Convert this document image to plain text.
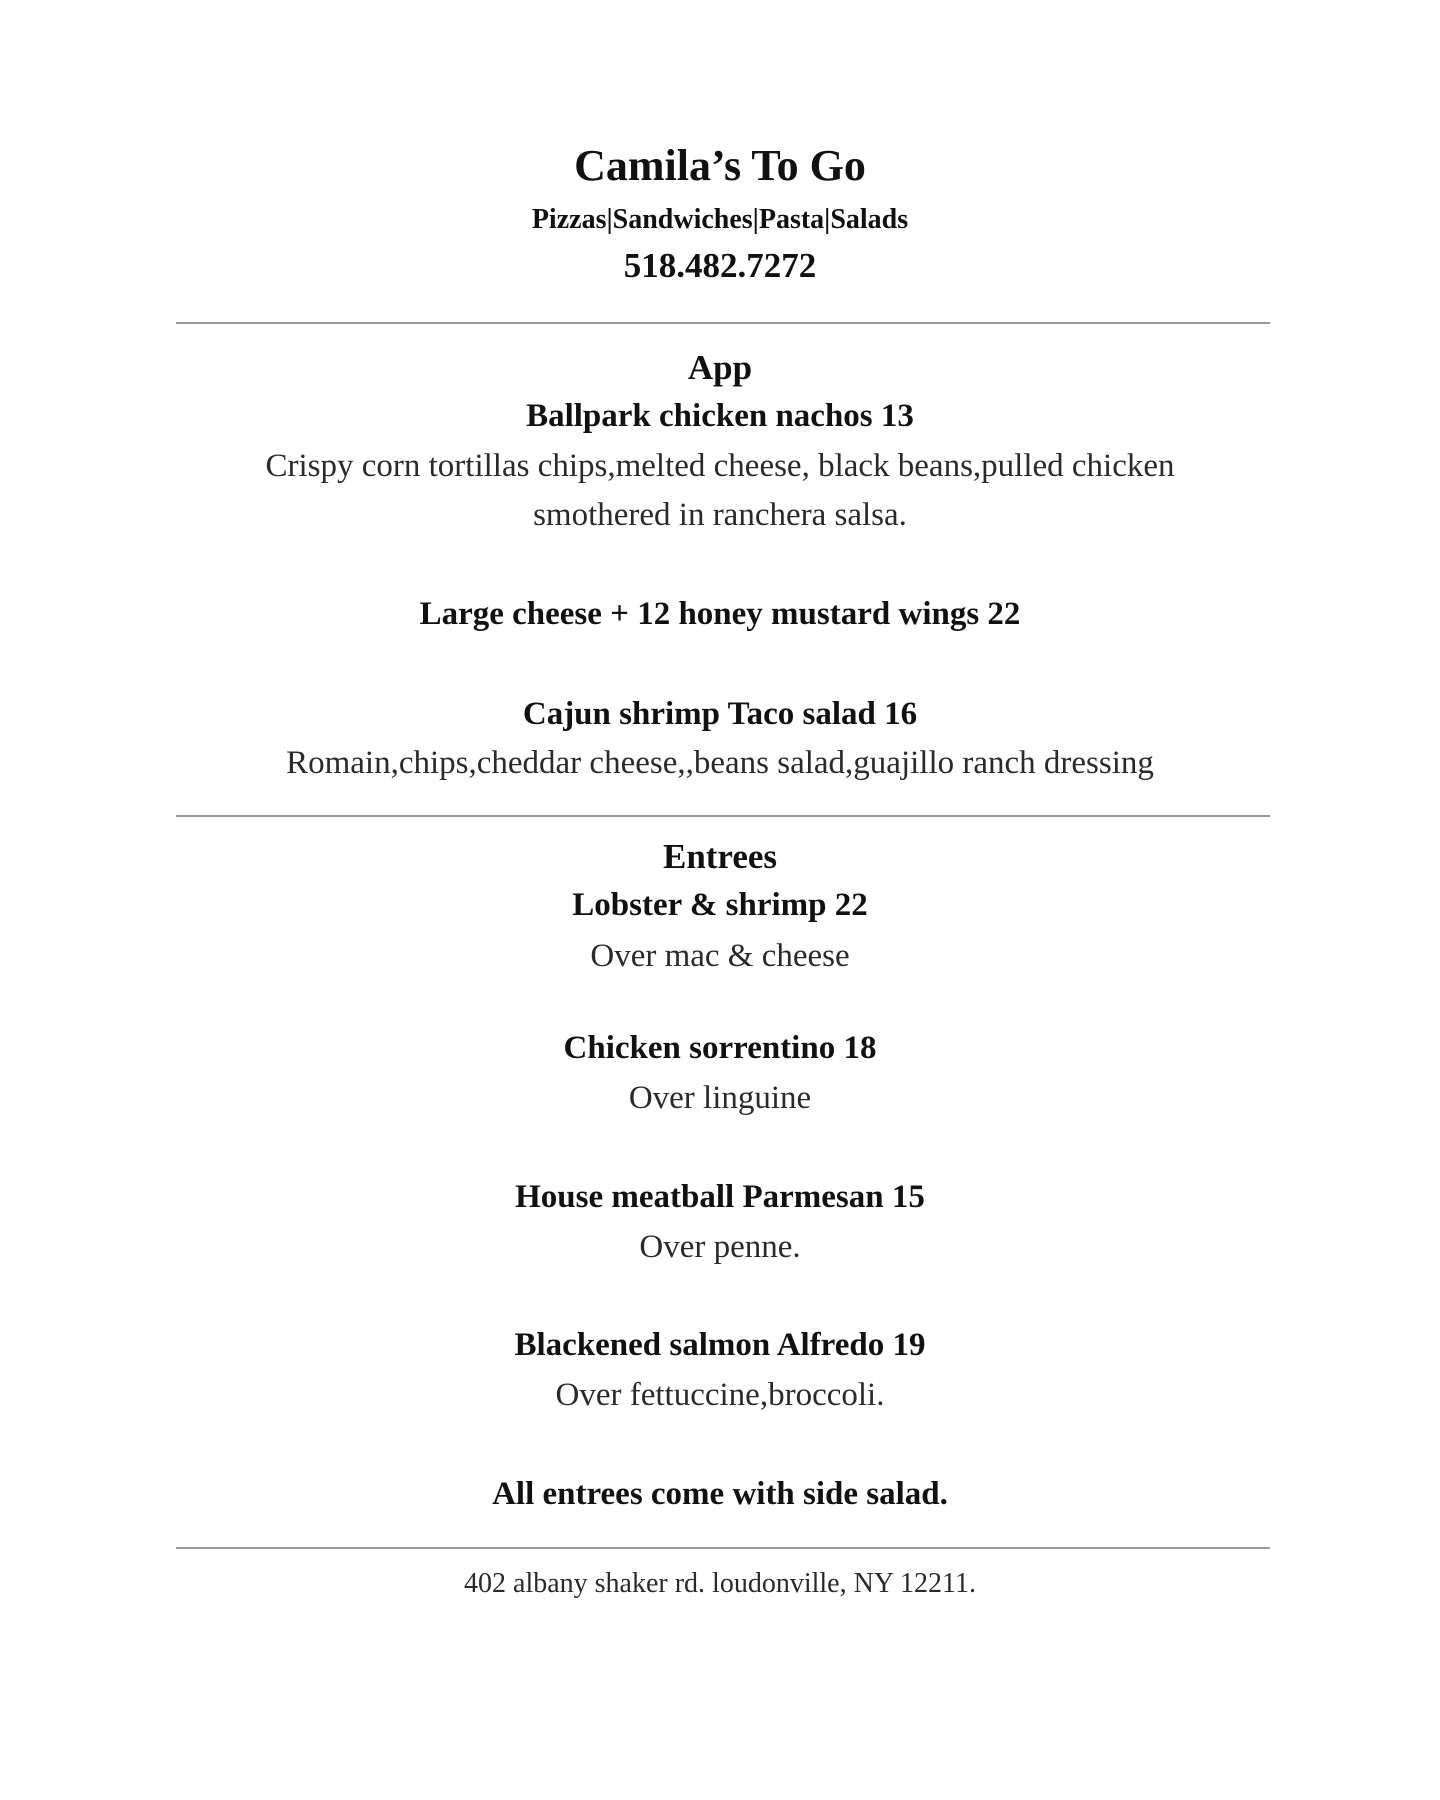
Camila’s To Go
Pizzas|Sandwiches|Pasta|Salads
518.482.7272
App
Ballpark chicken nachos 13
Crispy corn tortillas chips,melted cheese, black beans,pulled chicken
smothered in ranchera salsa.
Large cheese + 12 honey mustard wings 22
Cajun shrimp Taco salad 16
Romain,chips,cheddar cheese,,beans salad,guajillo ranch dressing
Entrees
Lobster & shrimp 22
Over mac & cheese
Chicken sorrentino 18
Over linguine
House meatball Parmesan 15
Over penne.
Blackened salmon Alfredo 19
Over fettuccine,broccoli.
All entrees come with side salad.
402 albany shaker rd. loudonville, NY 12211.
